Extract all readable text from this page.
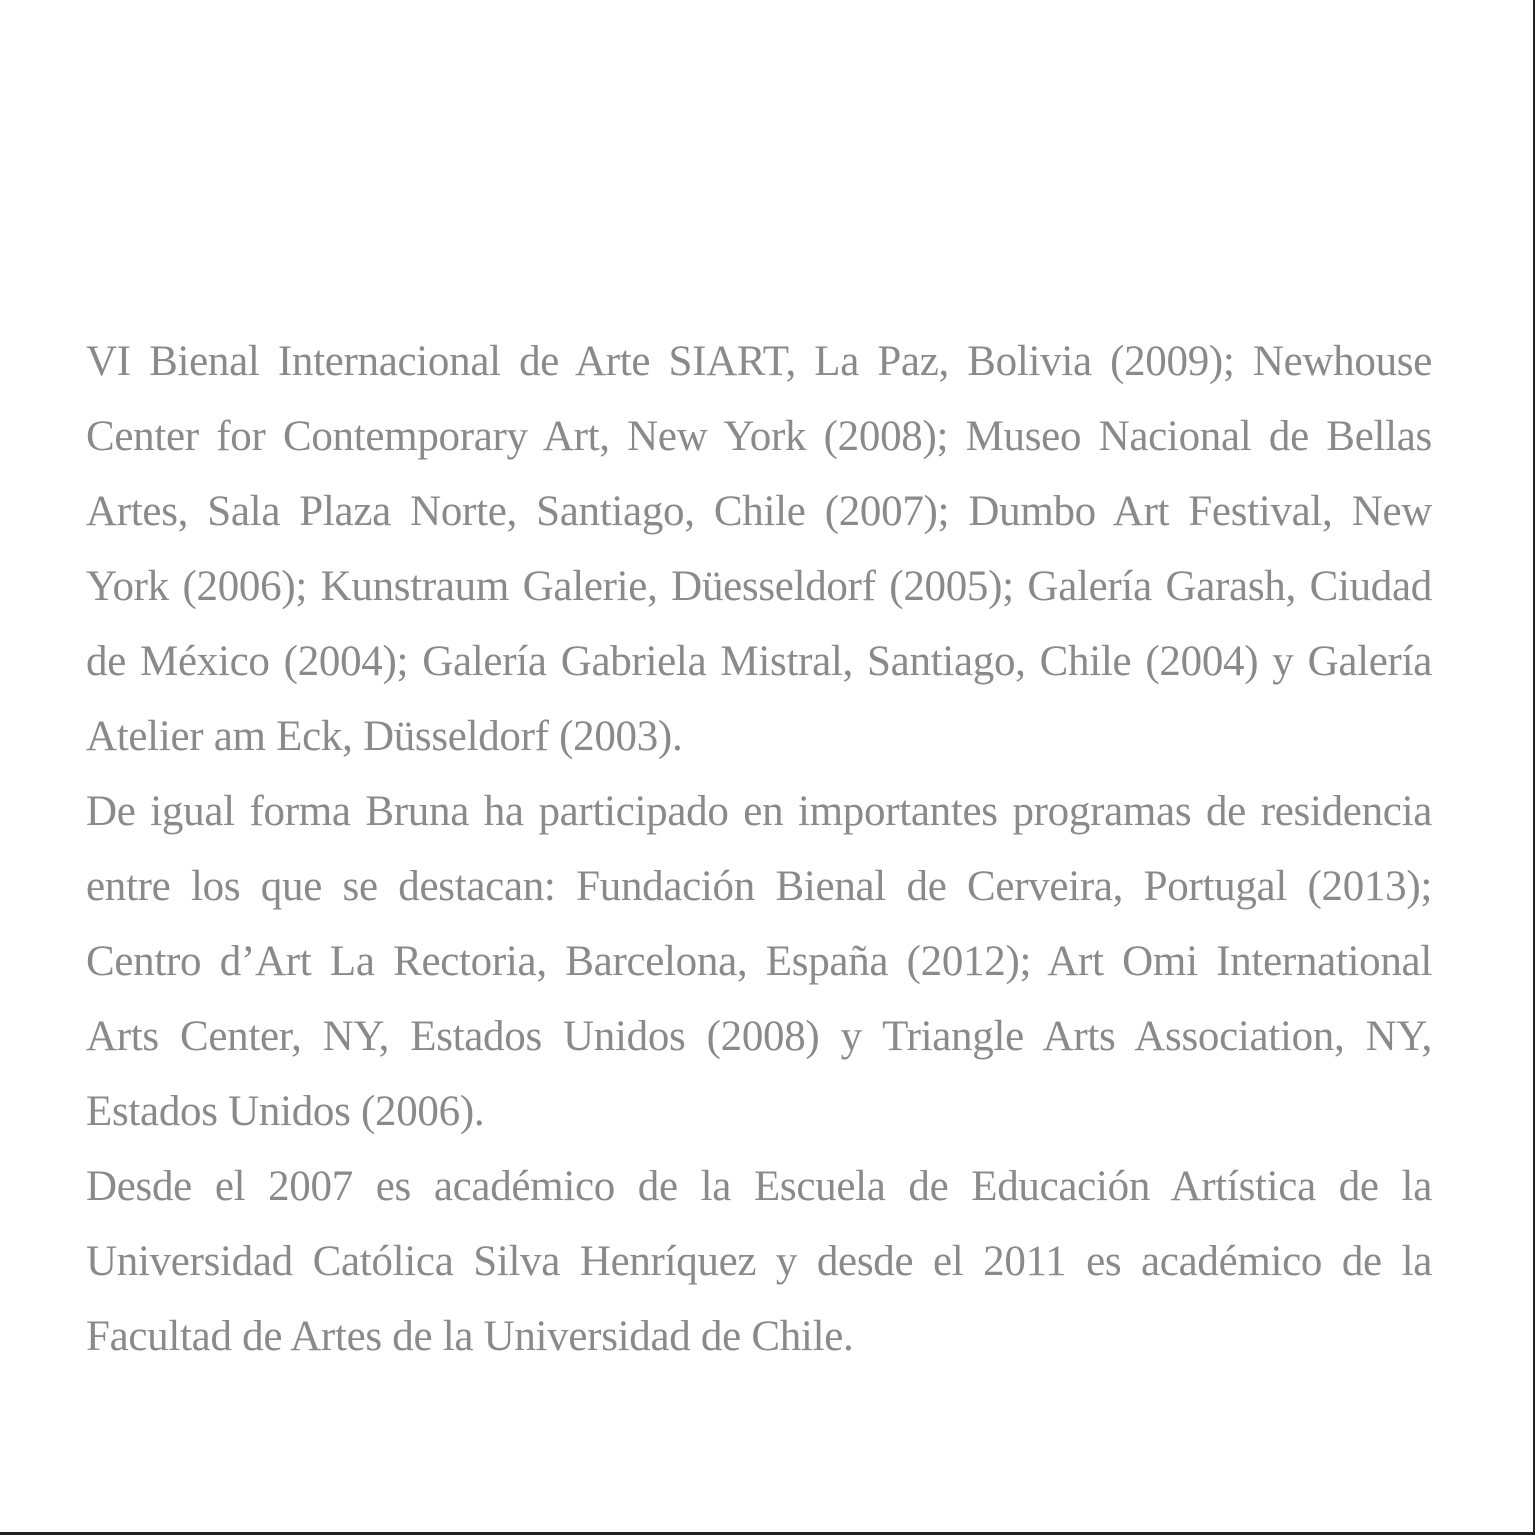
VI Bienal Internacional de Arte SIART, La Paz, Bolivia (2009); Newhouse Center for Contemporary Art, New York (2008); Museo Nacional de Bellas Artes, Sala Plaza Norte, Santiago, Chile (2007); Dumbo Art Festival, New York (2006); Kunstraum Galerie, Düesseldorf (2005); Galería Garash, Ciudad de México (2004); Galería Gabriela Mistral, Santiago, Chile (2004) y Galería Atelier am Eck, Düsseldorf (2003).

De igual forma Bruna ha participado en importantes programas de residencia entre los que se destacan: Fundación Bienal de Cerveira, Portugal (2013); Centro d’Art La Rectoria, Barcelona, España (2012); Art Omi International Arts Center, NY, Estados Unidos (2008) y Triangle Arts Association, NY, Estados Unidos (2006).

Desde el 2007 es académico de la Escuela de Educación Artística de la Universidad Católica Silva Henríquez y desde el 2011 es académico de la Facultad de Artes de la Universidad de Chile.
